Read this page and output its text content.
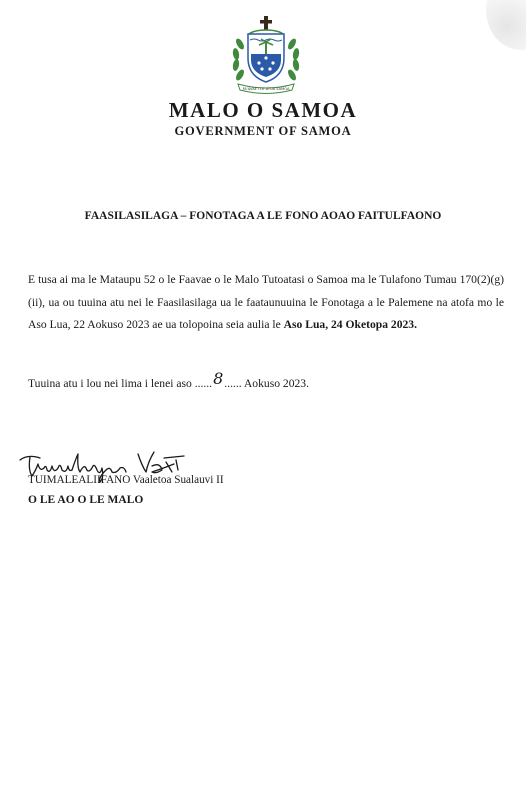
FA'AVAE I LE ATUA SAMOA
MALO O SAMOA
GOVERNMENT OF SAMOA
FAASILASILAGA – FONOTAGA A LE FONO AOAO FAITULFAONO
E tusa ai ma le Mataupu 52 o le Faavae o le Malo Tutoatasi o Samoa ma le Tulafono Tumau 170(2)(g)(ii), ua ou tuuina atu nei le Faasilasilaga ua le faataunuuina le Fonotaga a le Palemene na atofa mo le Aso Lua, 22 Aokuso 2023 ae ua tolopoina seia aulia le Aso Lua, 24 Oketopa 2023.
Tuuina atu i lou nei lima i lenei aso ......8...... Aokuso 2023.
TUIMALEALIIFANO Vaaletoa Sualauvi II
O LE AO O LE MALO
